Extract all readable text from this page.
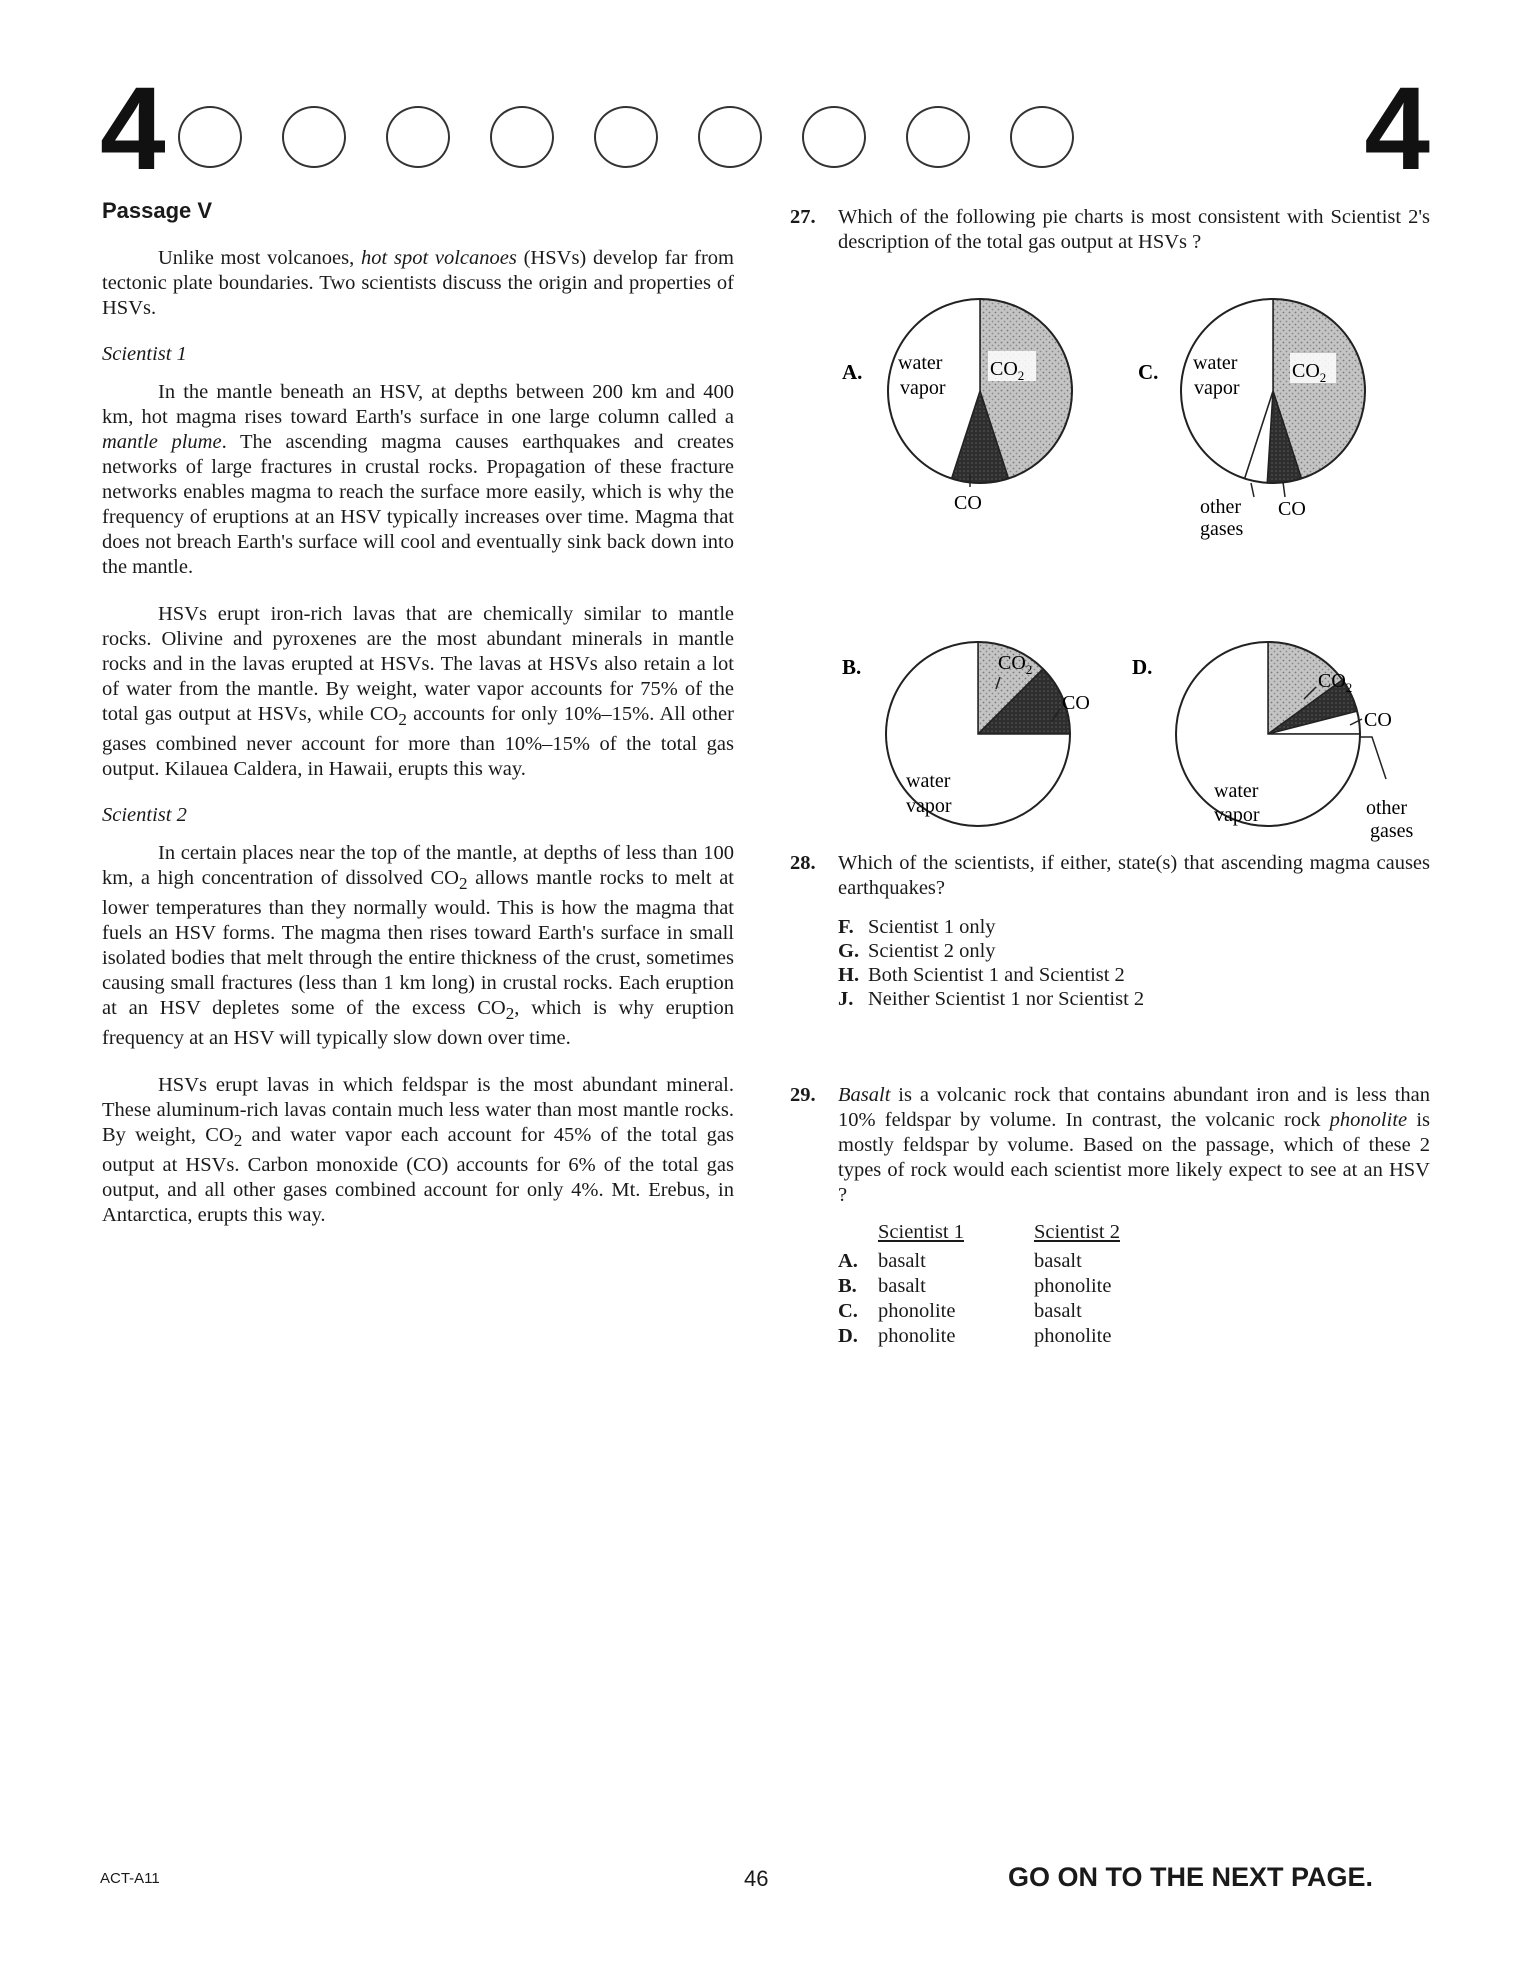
4	4
Passage V

Unlike most volcanoes, hot spot volcanoes (HSVs) develop far from tectonic plate boundaries. Two scientists discuss the origin and properties of HSVs.

Scientist 1

In the mantle beneath an HSV, at depths between 200 km and 400 km, hot magma rises toward Earth's surface in one large column called a mantle plume. The ascending magma causes earthquakes and creates networks of large fractures in crustal rocks. Propagation of these fracture networks enables magma to reach the surface more easily, which is why the frequency of eruptions at an HSV typically increases over time. Magma that does not breach Earth's surface will cool and eventually sink back down into the mantle.

HSVs erupt iron-rich lavas that are chemically similar to mantle rocks. Olivine and pyroxenes are the most abundant minerals in mantle rocks and in the lavas erupted at HSVs. The lavas at HSVs also retain a lot of water from the mantle. By weight, water vapor accounts for 75% of the total gas output at HSVs, while $CO_2$ accounts for only 10%–15%. All other gases combined never account for more than 10%–15% of the total gas output. Kilauea Caldera, in Hawaii, erupts this way.

Scientist 2

In certain places near the top of the mantle, at depths of less than 100 km, a high concentration of dissolved $CO_2$ allows mantle rocks to melt at lower temperatures than they normally would. This is how the magma that fuels an HSV forms. The magma then rises toward Earth's surface in small isolated bodies that melt through the entire thickness of the crust, sometimes causing small fractures (less than 1 km long) in crustal rocks. Each eruption at an HSV depletes some of the excess $CO_2$, which is why eruption frequency at an HSV will typically slow down over time.

HSVs erupt lavas in which feldspar is the most abundant mineral. These aluminum-rich lavas contain much less water than most mantle rocks. By weight, $CO_2$ and water vapor each account for 45% of the total gas output at HSVs. Carbon monoxide (CO) accounts for 6% of the total gas output, and all other gases combined account for only 4%. Mt. Erebus, in Antarctica, erupts this way.

27. Which of the following pie charts is most consistent with Scientist 2's description of the total gas output at HSVs ?
A.
B.
C.
D.
water
vapor
$CO_2$
CO
water
vapor
$CO_2$
other
gases
CO
water
vapor
$CO_2$
CO
water
vapor
$CO_2$
CO
other
gases
28. Which of the scientists, if either, state(s) that ascending magma causes earthquakes?
F. Scientist 1 only
G. Scientist 2 only
H. Both Scientist 1 and Scientist 2
J. Neither Scientist 1 nor Scientist 2
29. Basalt is a volcanic rock that contains abundant iron and is less than 10% feldspar by volume. In contrast, the volcanic rock phonolite is mostly feldspar by volume. Based on the passage, which of these 2 types of rock would each scientist more likely expect to see at an HSV ?
Scientist 1	Scientist 2
A. basalt	basalt
B.	basalt	phonolite
C. phonolite	basalt
D. phonolite	phonolite
ACT-A11	46	GO ON TO THE NEXT PAGE.
